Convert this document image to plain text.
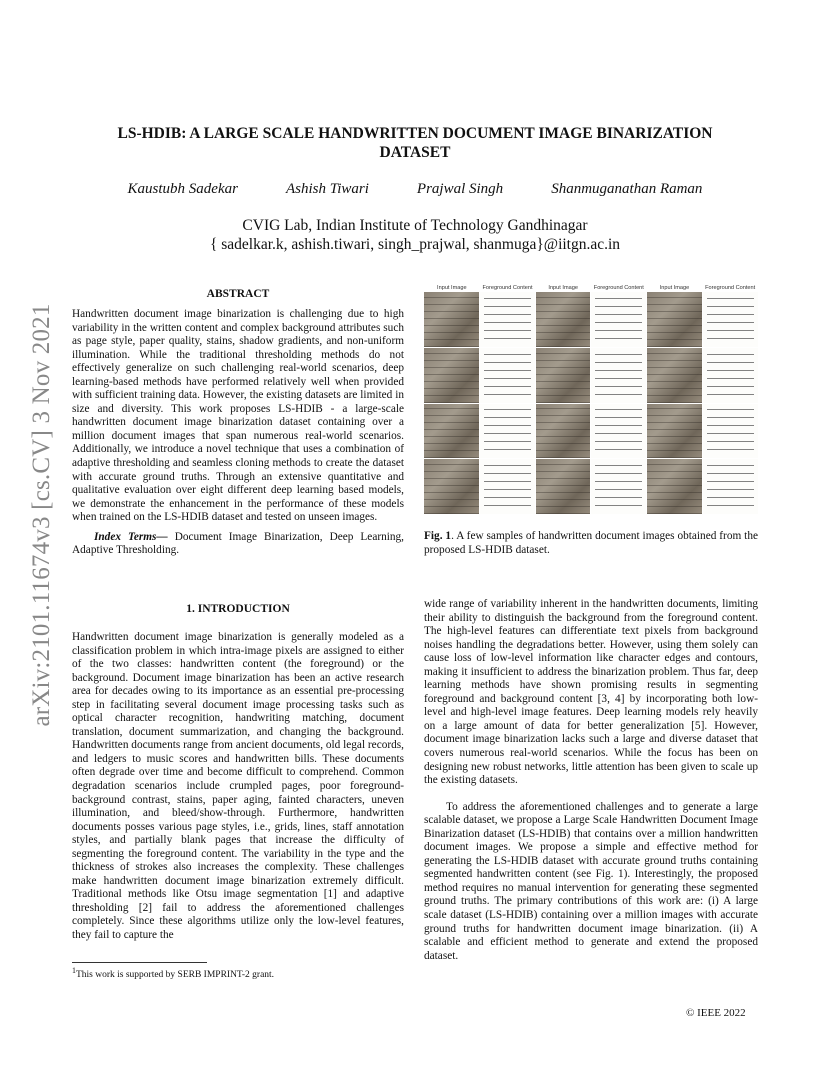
arXiv:2101.11674v3 [cs.CV] 3 Nov 2021
LS-HDIB: A LARGE SCALE HANDWRITTEN DOCUMENT IMAGE BINARIZATION
DATASET
Kaustubh Sadekar	Ashish Tiwari	Prajwal Singh	Shanmuganathan Raman
CVIG Lab, Indian Institute of Technology Gandhinagar
{ sadelkar.k, ashish.tiwari, singh_prajwal, shanmuga}@iitgn.ac.in
ABSTRACT

Handwritten document image binarization is challenging due to high variability in the written content and complex background attributes such as page style, paper quality, stains, shadow gradients, and non-uniform illumination. While the traditional thresholding methods do not effectively generalize on such challenging real-world scenarios, deep learning-based methods have performed relatively well when provided with sufficient training data. However, the existing datasets are limited in size and diversity. This work proposes LS-HDIB - a large-scale handwritten document image binarization dataset containing over a million document images that span numerous real-world scenarios. Additionally, we introduce a novel technique that uses a combination of adaptive thresholding and seamless cloning methods to create the dataset with accurate ground truths. Through an extensive quantitative and qualitative evaluation over eight different deep learning based models, we demonstrate the enhancement in the performance of these models when trained on the LS-HDIB dataset and tested on unseen images.

Index Terms— Document Image Binarization, Deep Learning, Adaptive Thresholding.

1. INTRODUCTION

Handwritten document image binarization is generally modeled as a classification problem in which intra-image pixels are assigned to either of the two classes: handwritten content (the foreground) or the background. Document image binarization has been an active research area for decades owing to its importance as an essential pre-processing step in facilitating several document image processing tasks such as optical character recognition, handwriting matching, document translation, document summarization, and changing the background. Handwritten documents range from ancient documents, old legal records, and ledgers to music scores and handwritten bills. These documents often degrade over time and become difficult to comprehend. Common degradation scenarios include crumpled pages, poor foreground-background contrast, stains, paper aging, fainted characters, uneven illumination, and bleed/show-through. Furthermore, handwritten documents posses various page styles, i.e., grids, lines, staff annotation styles, and partially blank pages that increase the difficulty of segmenting the foreground content. The variability in the type and the thickness of strokes also increases the complexity. These challenges make handwritten document image binarization extremely difficult. Traditional methods like Otsu image segmentation [1] and adaptive thresholding [2] fail to address the aforementioned challenges completely. Since these algorithms utilize only the low-level features, they fail to capture the

$^1$This work is supported by SERB IMPRINT-2 grant.
Input Image	Foreground Content	Input Image	Foreground Content	Input Image	Foreground Content
Fig. 1. A few samples of handwritten document images obtained from the proposed LS-HDIB dataset.

wide range of variability inherent in the handwritten documents, limiting their ability to distinguish the background from the foreground content. The high-level features can differentiate text pixels from background noises handling the degradations better. However, using them solely can cause loss of low-level information like character edges and contours, making it insufficient to address the binarization problem. Thus far, deep learning methods have shown promising results in segmenting foreground and background content [3, 4] by incorporating both low-level and high-level image features. Deep learning models rely heavily on a large amount of data for better generalization [5]. However, document image binarization lacks such a large and diverse dataset that covers numerous real-world scenarios. While the focus has been on designing new robust networks, little attention has been given to scale up the existing datasets.

To address the aforementioned challenges and to generate a large scalable dataset, we propose a Large Scale Handwritten Document Image Binarization dataset (LS-HDIB) that contains over a million handwritten document images. We propose a simple and effective method for generating the LS-HDIB dataset with accurate ground truths containing segmented handwritten content (see Fig. 1). Interestingly, the proposed method requires no manual intervention for generating these segmented ground truths. The primary contributions of this work are: (i) A large scale dataset (LS-HDIB) containing over a million images with accurate ground truths for handwritten document image binarization. (ii) A scalable and efficient method to generate and extend the proposed dataset.

© IEEE 2022
